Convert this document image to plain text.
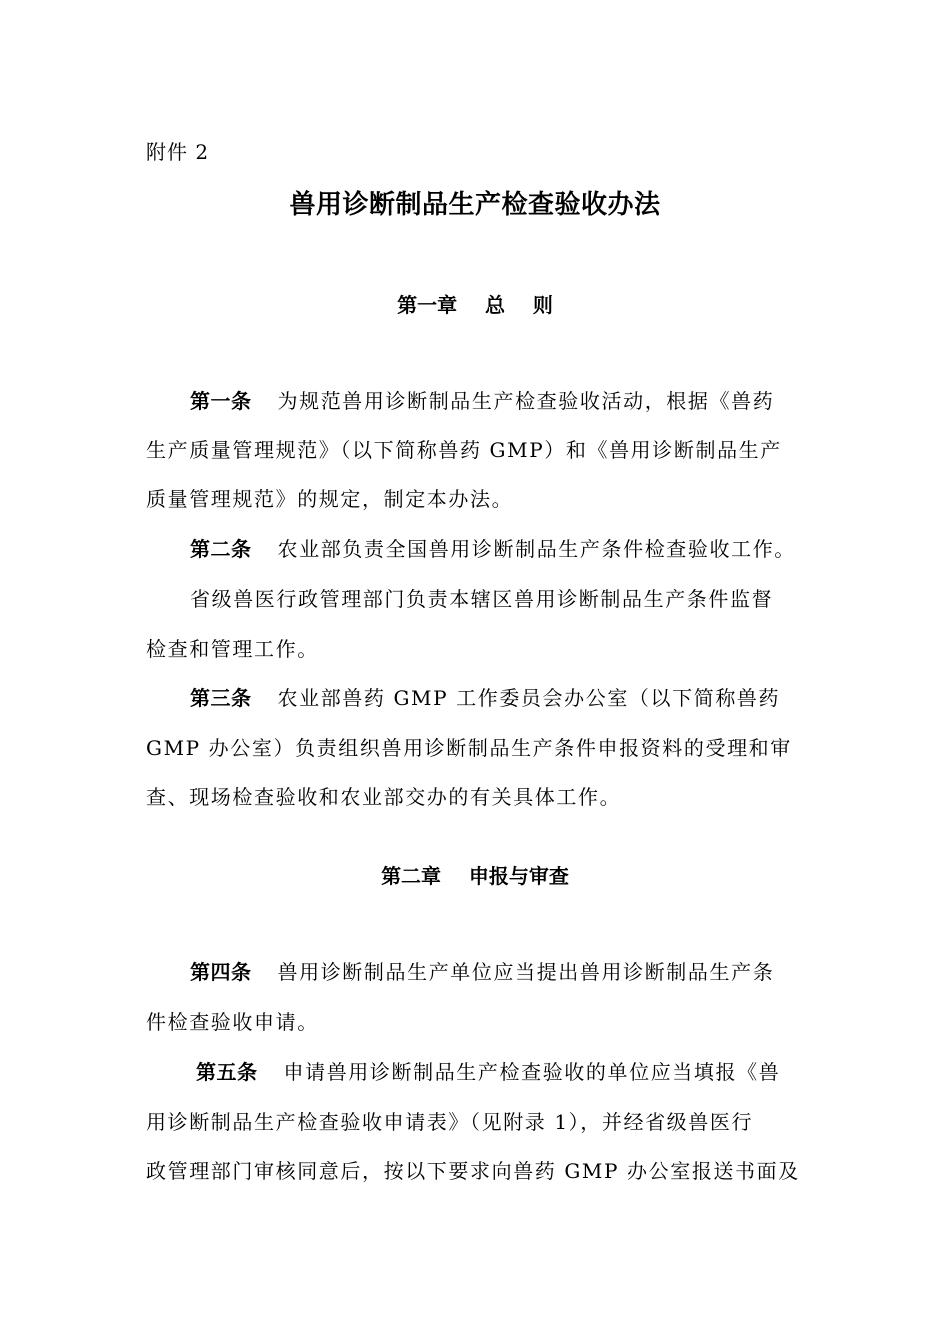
附件 2
兽用诊断制品生产检查验收办法
第一章    总    则
第一条 为规范兽用诊断制品生产检查验收活动，根据《兽药
生产质量管理规范》（以下简称兽药 GMP）和《兽用诊断制品生产
质量管理规范》的规定，制定本办法。
第二条 农业部负责全国兽用诊断制品生产条件检查验收工作。
省级兽医行政管理部门负责本辖区兽用诊断制品生产条件监督
检查和管理工作。
第三条 农业部兽药 GMP 工作委员会办公室（以下简称兽药
GMP 办公室）负责组织兽用诊断制品生产条件申报资料的受理和审
查、现场检查验收和农业部交办的有关具体工作。
第二章    申报与审查
第四条 兽用诊断制品生产单位应当提出兽用诊断制品生产条
件检查验收申请。
第五条 申请兽用诊断制品生产检查验收的单位应当填报《兽
用诊断制品生产检查验收申请表》（见附录 1），并经省级兽医行
政管理部门审核同意后，按以下要求向兽药 GMP 办公室报送书面及
